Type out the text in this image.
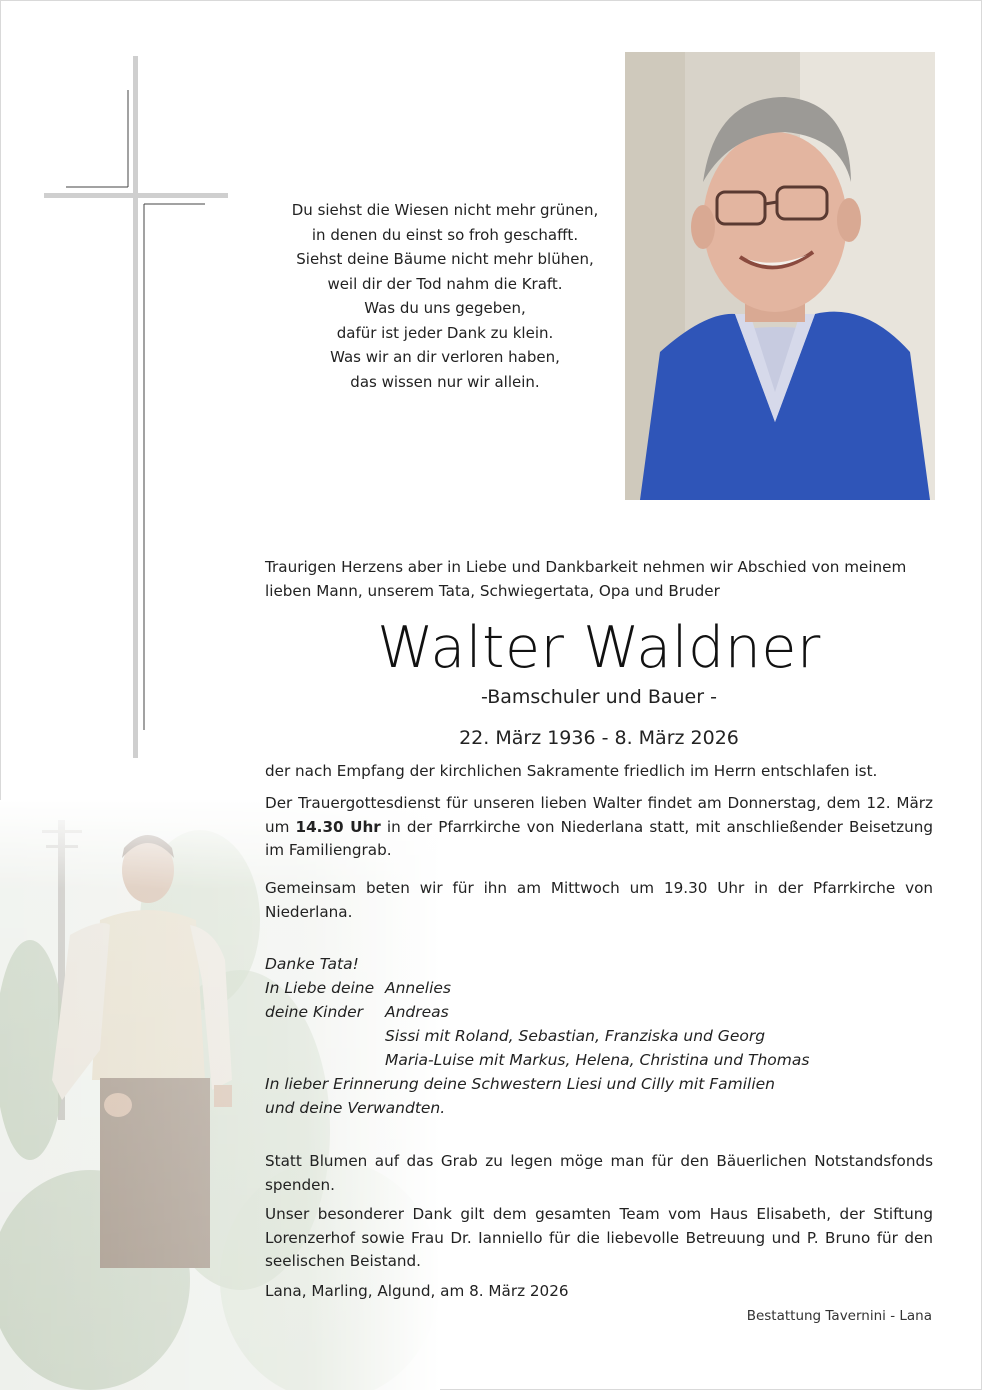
Du siehst die Wiesen nicht mehr grünen,
in denen du einst so froh geschafft.
Siehst deine Bäume nicht mehr blühen,
weil dir der Tod nahm die Kraft.
Was du uns gegeben,
dafür ist jeder Dank zu klein.
Was wir an dir verloren haben,
das wissen nur wir allein.
Traurigen Herzens aber in Liebe und Dankbarkeit nehmen wir Abschied von meinem
lieben Mann, unserem Tata, Schwiegertata, Opa und Bruder
Walter Waldner
-Bamschuler und Bauer -
22. März 1936 - 8. März 2026
der nach Empfang der kirchlichen Sakramente friedlich im Herrn entschlafen ist.
Der Trauergottesdienst für unseren lieben Walter findet am Donnerstag, dem 12. März um 14.30 Uhr in der Pfarrkirche von Niederlana statt, mit anschließender Beisetzung im Familiengrab.
Gemeinsam beten wir für ihn am Mittwoch um 19.30 Uhr in der Pfarrkirche von Niederlana.
Danke Tata!
In Liebe deine Annelies
deine Kinder Andreas
Sissi mit Roland, Sebastian, Franziska und Georg
Maria-Luise mit Markus, Helena, Christina und Thomas
In lieber Erinnerung deine Schwestern Liesi und Cilly mit Familien
und deine Verwandten.
Statt Blumen auf das Grab zu legen möge man für den Bäuerlichen Notstandsfonds spenden.
Unser besonderer Dank gilt dem gesamten Team vom Haus Elisabeth, der Stiftung Lorenzerhof sowie Frau Dr. Ianniello für die liebevolle Betreuung und P. Bruno für den seelischen Beistand.
Lana, Marling, Algund, am 8. März 2026
Bestattung Tavernini - Lana
